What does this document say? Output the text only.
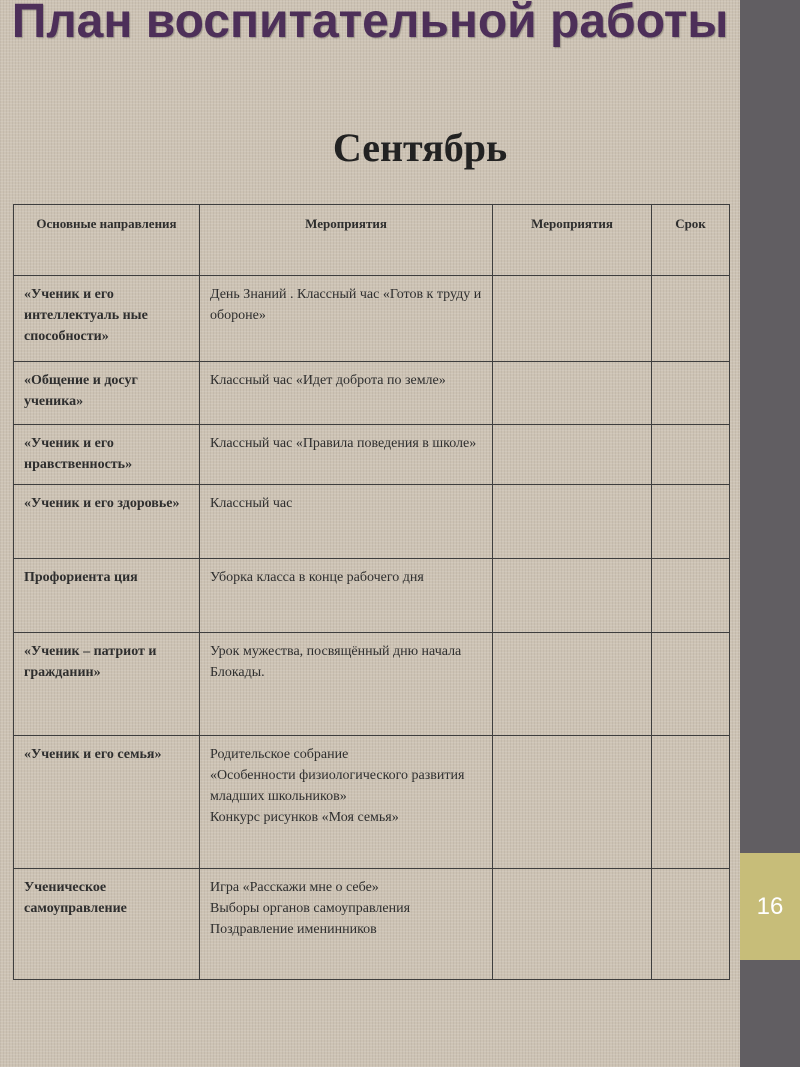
16
План воспитательной работы
Сентябрь
Основные направления	Мероприятия	Мероприятия	Срок
«Ученик и его интеллектуаль ные способности»	День Знаний . Классный час «Готов к труду и обороне»		
«Общение и досуг ученика»	Классный час «Идет доброта по земле»		
«Ученик и его нравственность»	Классный час «Правила поведения в школе»		
«Ученик и его здоровье»	Классный час		
Профориента ция	Уборка класса в конце рабочего дня		
«Ученик – патриот и гражданин»	Урок мужества, посвящённый дню начала Блокады.		
«Ученик и его семья»	Родительское собрание
«Особенности физиологического развития младших школьников»
Конкурс рисунков «Моя семья»		
Ученическое самоуправление	Игра «Расскажи мне о себе»
Выборы органов самоуправления
Поздравление именинников		
